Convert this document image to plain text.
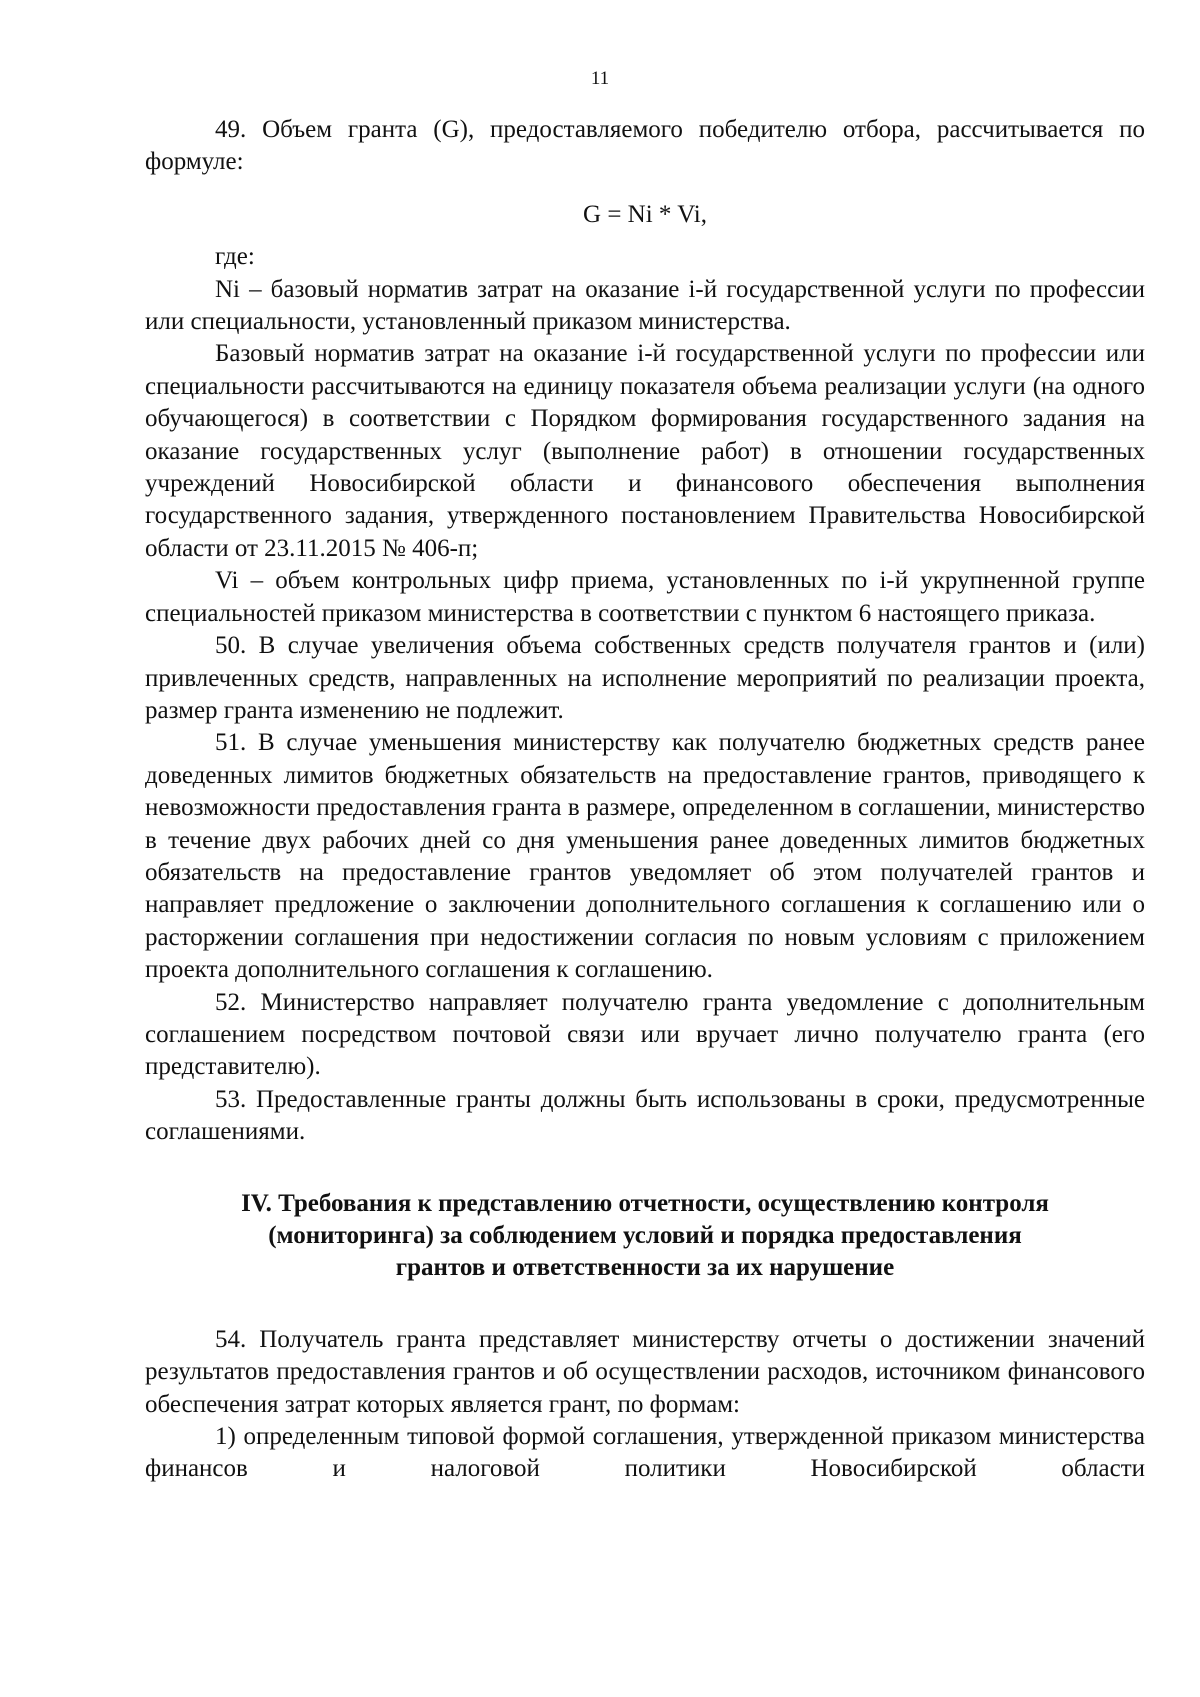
11

49. Объем гранта (G), предоставляемого победителю отбора, рассчитывается по формуле:

G = Ni * Vi,

где:

Ni – базовый норматив затрат на оказание i-й государственной услуги по профессии или специальности, установленный приказом министерства.

Базовый норматив затрат на оказание i-й государственной услуги по профессии или специальности рассчитываются на единицу показателя объема реализации услуги (на одного обучающегося) в соответствии с Порядком формирования государственного задания на оказание государственных услуг (выполнение работ) в отношении государственных учреждений Новосибирской области и финансового обеспечения выполнения государственного задания, утвержденного постановлением Правительства Новосибирской области от 23.11.2015 № 406-п;

Vi – объем контрольных цифр приема, установленных по i-й укрупненной группе специальностей приказом министерства в соответствии с пунктом 6 настоящего приказа.

50. В случае увеличения объема собственных средств получателя грантов и (или) привлеченных средств, направленных на исполнение мероприятий по реализации проекта, размер гранта изменению не подлежит.

51. В случае уменьшения министерству как получателю бюджетных средств ранее доведенных лимитов бюджетных обязательств на предоставление грантов, приводящего к невозможности предоставления гранта в размере, определенном в соглашении, министерство в течение двух рабочих дней со дня уменьшения ранее доведенных лимитов бюджетных обязательств на предоставление грантов уведомляет об этом получателей грантов и направляет предложение о заключении дополнительного соглашения к соглашению или о расторжении соглашения при недостижении согласия по новым условиям с приложением проекта дополнительного соглашения к соглашению.

52. Министерство направляет получателю гранта уведомление с дополнительным соглашением посредством почтовой связи или вручает лично получателю гранта (его представителю).

53. Предоставленные гранты должны быть использованы в сроки, предусмотренные соглашениями.

IV. Требования к представлению отчетности, осуществлению контроля (мониторинга) за соблюдением условий и порядка предоставления грантов и ответственности за их нарушение

54. Получатель гранта представляет министерству отчеты о достижении значений результатов предоставления грантов и об осуществлении расходов, источником финансового обеспечения затрат которых является грант, по формам:

1) определенным типовой формой соглашения, утвержденной приказом министерства финансов и налоговой политики Новосибирской области
